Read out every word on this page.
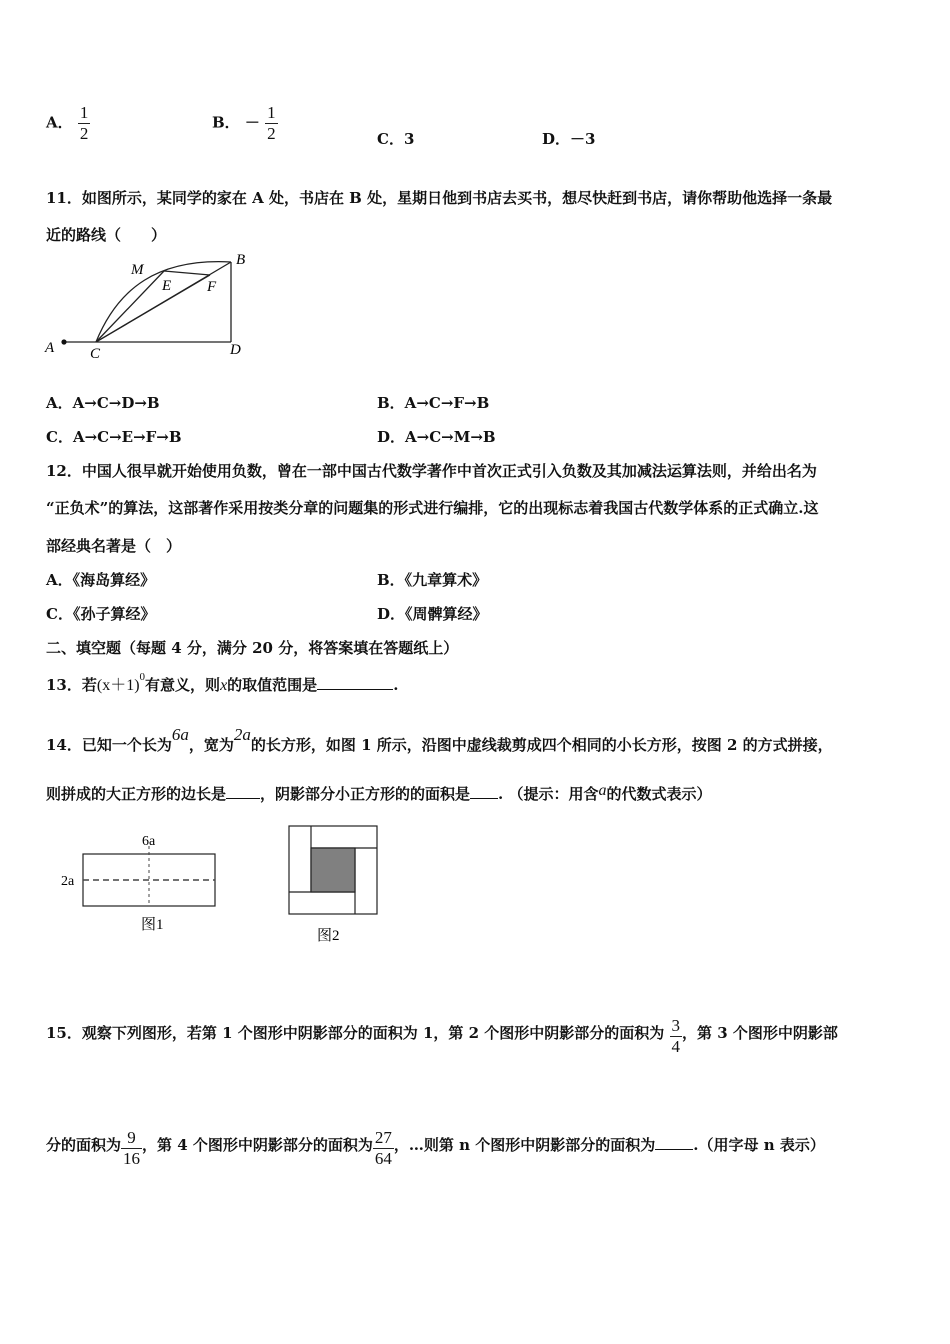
A． $\frac{1}{2}$	B． － $\frac{1}{2}$	C．3	D．－3
11．如图所示，某同学的家在 A 处，书店在 B 处，星期日他到书店去买书，想尽快赶到书店，请你帮助他选择一条最
近的路线（　　）
A C	D
B
M
E F
A．A→C→D→B	B．A→C→F→B
C．A→C→E→F→B	D．A→C→M→B
12．中国人很早就开始使用负数，曾在一部中国古代数学著作中首次正式引入负数及其加减法运算法则，并给出名为
“正负术”的算法，这部著作采用按类分章的问题集的形式进行编排，它的出现标志着我国古代数学体系的正式确立.这
部经典名著是（　）
A．《海岛算经》	B．《九章算术》
C．《孙子算经》	D．《周髀算经》
二、填空题（每题 4 分，满分 20 分，将答案填在答题纸上）
13．若$(x+1)^0$有意义，则x的取值范围是	.
14．已知一个长为6a，宽为2a的长方形，如图 1 所示，沿图中虚线裁剪成四个相同的小长方形，按图 2 的方式拼接，
则拼成的大正方形的边长是 ，阴影部分小正方形的的面积是 . （提示：用含a的代数式表示）
6a
2a
图1
图2
15．观察下列图形，若第 1 个图形中阴影部分的面积为 1，第 2 个图形中阴影部分的面积为 $\frac{3}{4}$ ，第 3 个图形中阴影部
分的面积为 $\frac{9}{16}$ ，第 4 个图形中阴影部分的面积为 $\frac{27}{64}$ ，…则第 n 个图形中阴影部分的面积为	.（用字母 n 表示）
